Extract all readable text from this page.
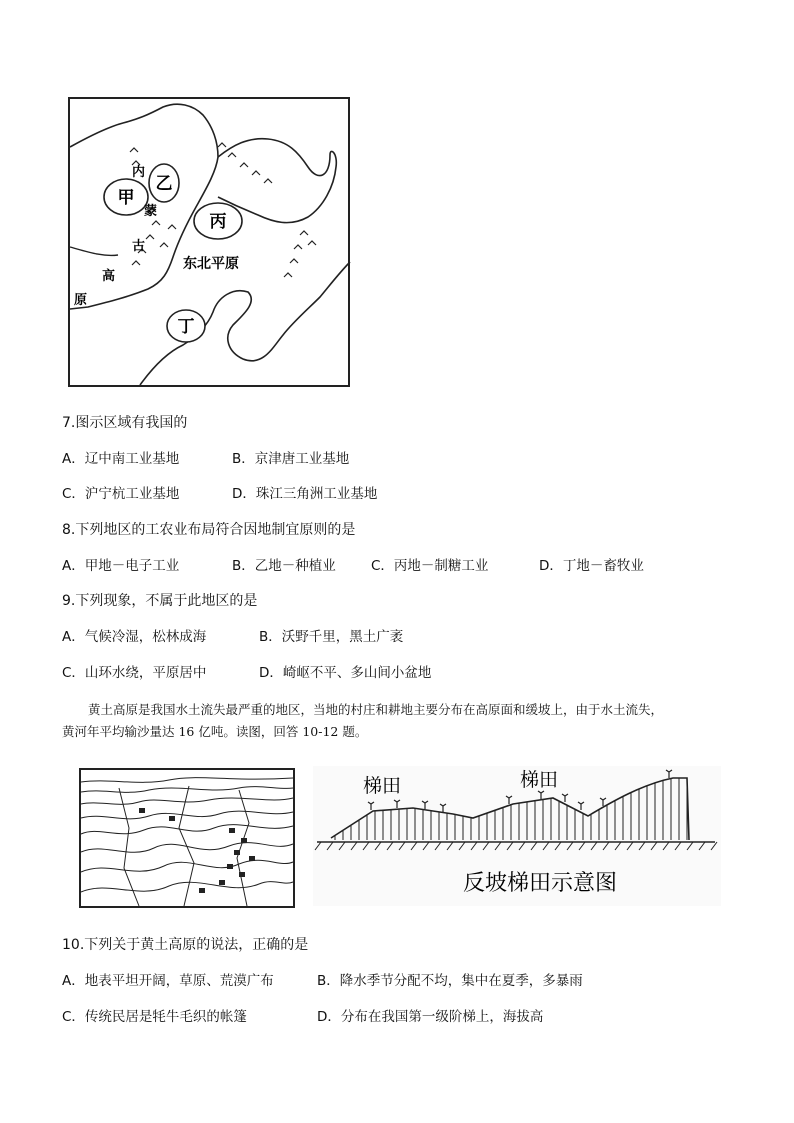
甲
乙
丙
丁
内
蒙
古
高
原
东北平原
7.图示区域有我国的
A．辽中南工业基地	B．京津唐工业基地
C．沪宁杭工业基地	D．珠江三角洲工业基地
8.下列地区的工农业布局符合因地制宜原则的是
A．甲地－电子工业	B．乙地－种植业	C．丙地－制糖工业	D．丁地－畜牧业
9.下列现象，不属于此地区的是
A．气候冷湿，松林成海	B．沃野千里，黑土广袤
C．山环水绕，平原居中	D．崎岖不平、多山间小盆地
黄土高原是我国水土流失最严重的地区，当地的村庄和耕地主要分布在高原面和缓坡上，由于水土流失，
黄河年平均输沙量达 16 亿吨。读图，回答 10-12 题。
梯田	梯田
反坡梯田示意图
10.下列关于黄土高原的说法，正确的是
A．地表平坦开阔，草原、荒漠广布	B．降水季节分配不均，集中在夏季，多暴雨
C．传统民居是牦牛毛织的帐篷	D．分布在我国第一级阶梯上，海拔高
